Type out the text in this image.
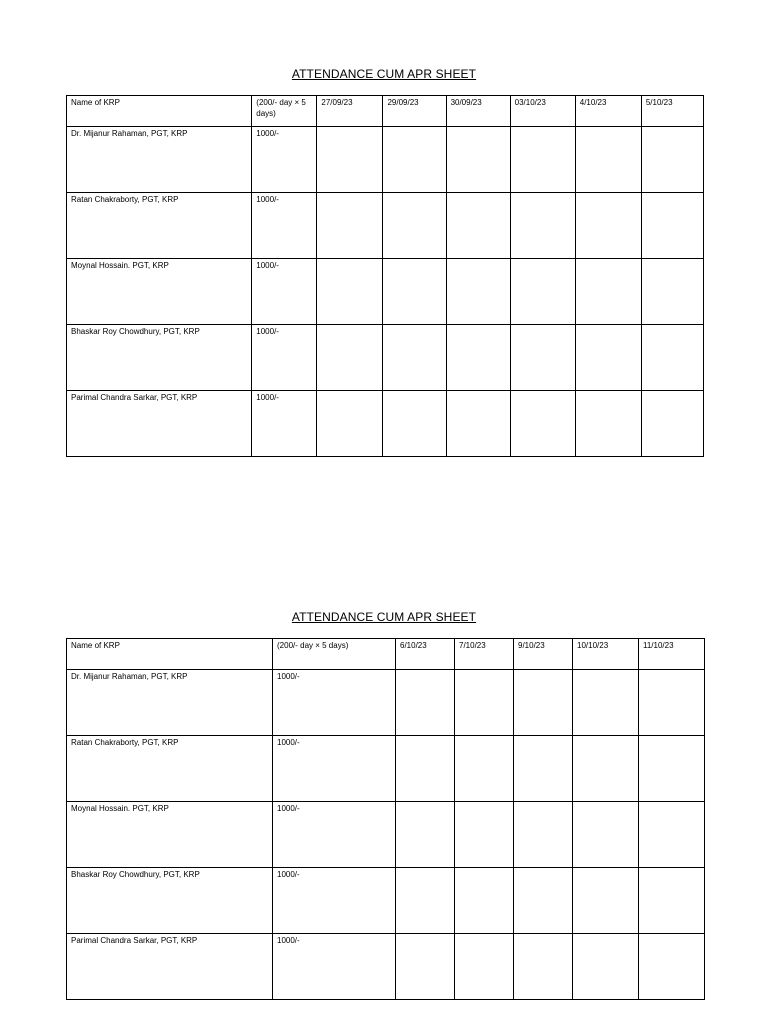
ATTENDANCE CUM APR SHEET
Name of KRP	(200/- day × 5 days)	27/09/23	29/09/23	30/09/23	03/10/23	4/10/23	5/10/23
Dr. Mijanur Rahaman, PGT, KRP	1000/-						
Ratan Chakraborty, PGT, KRP	1000/-						
Moynal Hossain. PGT, KRP	1000/-						
Bhaskar Roy Chowdhury, PGT, KRP	1000/-						
Parimal Chandra Sarkar, PGT, KRP	1000/-						
ATTENDANCE CUM APR SHEET
Name of KRP	(200/- day × 5 days)	6/10/23	7/10/23	9/10/23	10/10/23	11/10/23
Dr. Mijanur Rahaman, PGT, KRP	1000/-					
Ratan Chakraborty, PGT, KRP	1000/-					
Moynal Hossain. PGT, KRP	1000/-					
Bhaskar Roy Chowdhury, PGT, KRP	1000/-					
Parimal Chandra Sarkar, PGT, KRP	1000/-					
